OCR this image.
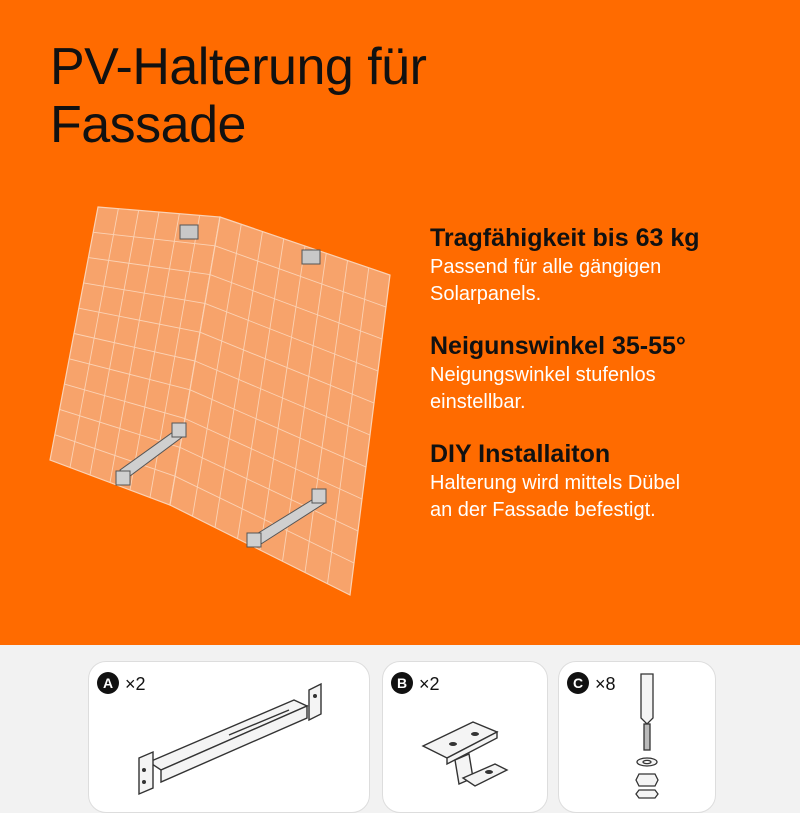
PV-Halterung für
Fassade
Tragfähigkeit bis 63 kg
Passend für alle gängigen
Solarpanels.
Neigunswinkel 35-55°
Neigungswinkel stufenlos
einstellbar.
DIY Installaiton
Halterung wird mittels Dübel
an der Fassade befestigt.
A ×2	B ×2	C ×8
